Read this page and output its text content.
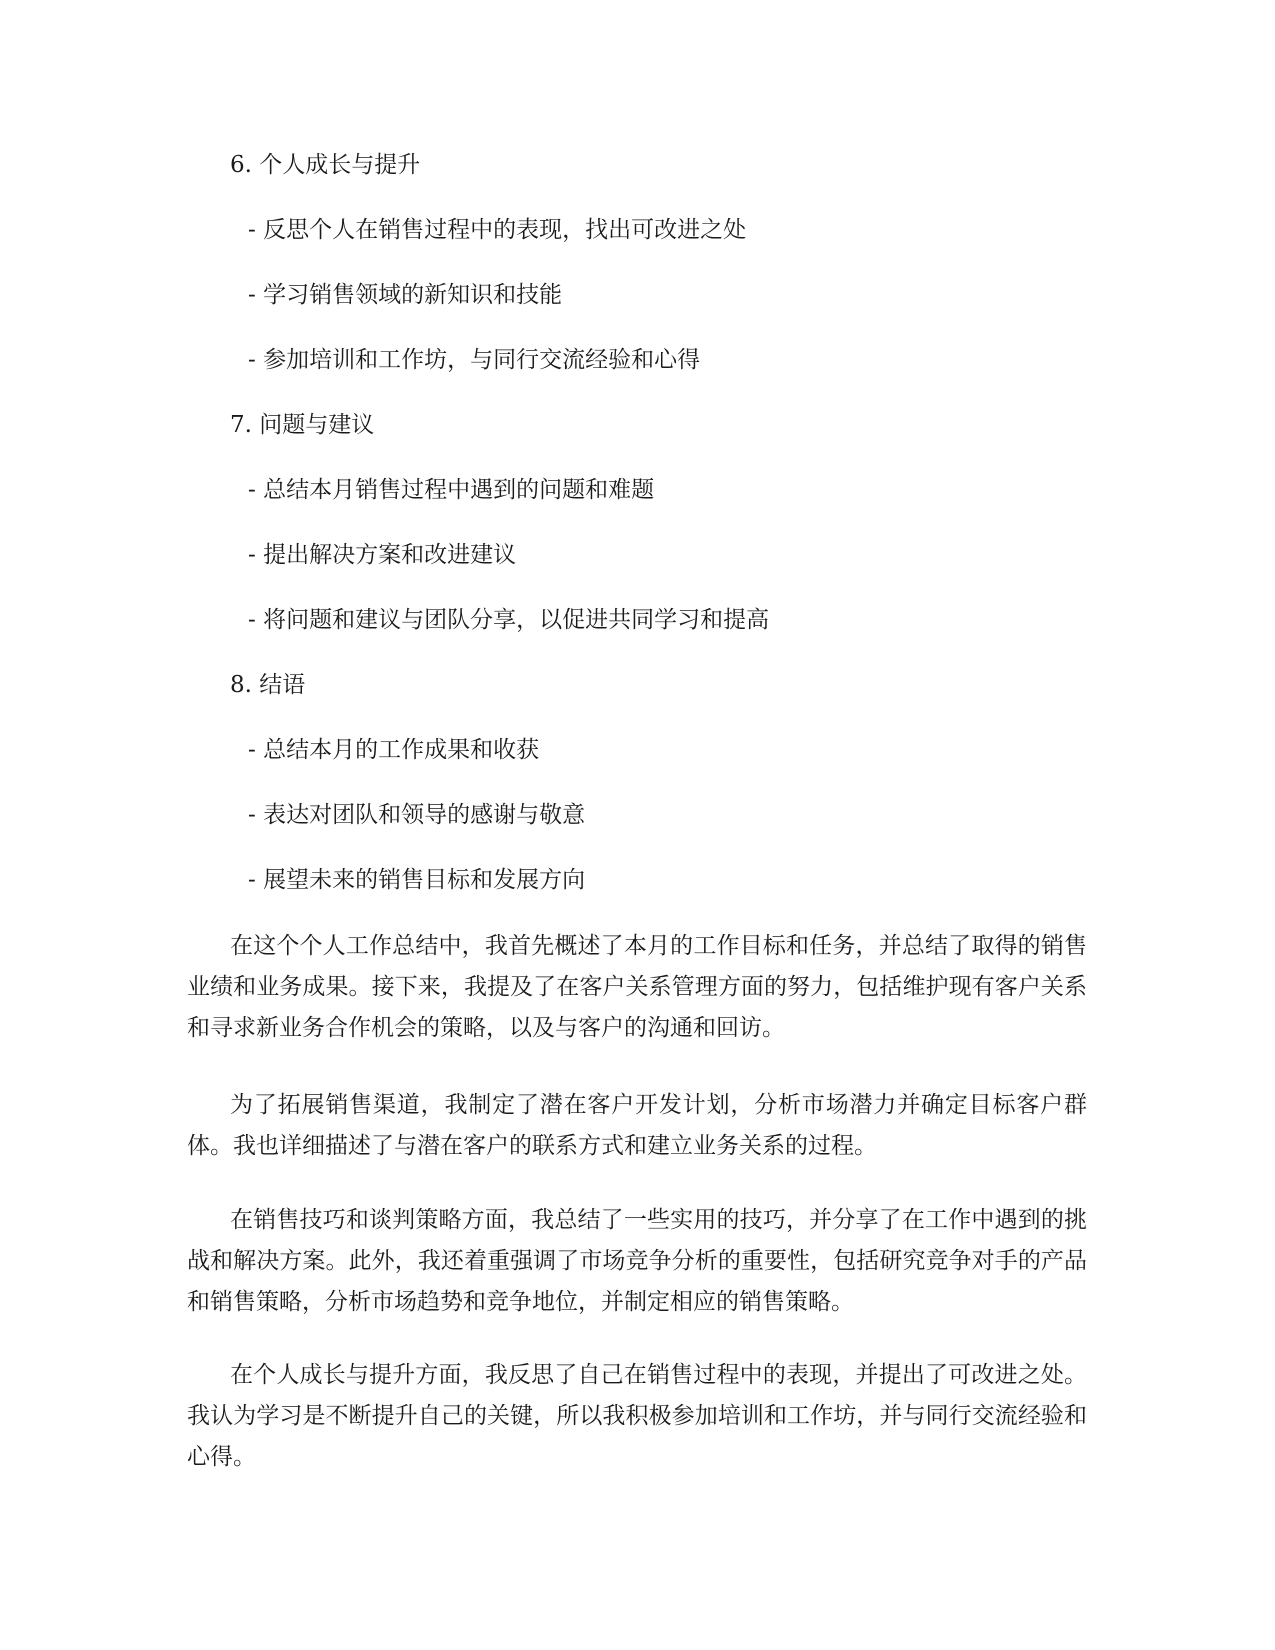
6. 个人成长与提升
- 反思个人在销售过程中的表现，找出可改进之处
- 学习销售领域的新知识和技能
- 参加培训和工作坊，与同行交流经验和心得
7. 问题与建议
- 总结本月销售过程中遇到的问题和难题
- 提出解决方案和改进建议
- 将问题和建议与团队分享，以促进共同学习和提高
8. 结语
- 总结本月的工作成果和收获
- 表达对团队和领导的感谢与敬意
- 展望未来的销售目标和发展方向
在这个个人工作总结中，我首先概述了本月的工作目标和任务，并总结了取得的销售业绩和业务成果。接下来，我提及了在客户关系管理方面的努力，包括维护现有客户关系和寻求新业务合作机会的策略，以及与客户的沟通和回访。
为了拓展销售渠道，我制定了潜在客户开发计划，分析市场潜力并确定目标客户群体。我也详细描述了与潜在客户的联系方式和建立业务关系的过程。
在销售技巧和谈判策略方面，我总结了一些实用的技巧，并分享了在工作中遇到的挑战和解决方案。此外，我还着重强调了市场竞争分析的重要性，包括研究竞争对手的产品和销售策略，分析市场趋势和竞争地位，并制定相应的销售策略。
在个人成长与提升方面，我反思了自己在销售过程中的表现，并提出了可改进之处。我认为学习是不断提升自己的关键，所以我积极参加培训和工作坊，并与同行交流经验和心得。
